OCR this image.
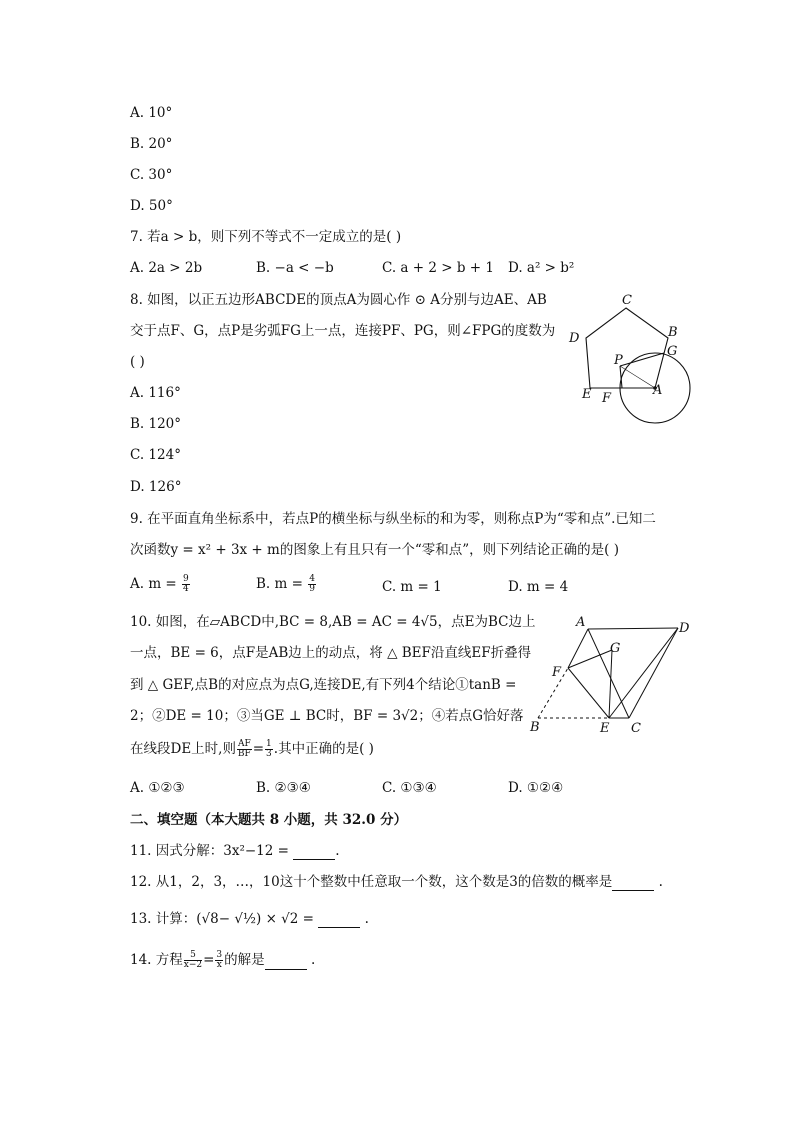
A. 10°
B. 20°
C. 30°
D. 50°
7. 若a > b，则下列不等式不一定成立的是( )
A. 2a > 2b	B. −a < −b	C. a + 2 > b + 1 D. a² > b²
8. 如图，以正五边形ABCDE的顶点A为圆心作 ⊙ A分别与边AE、AB
交于点F、G，点P是劣弧FG上一点，连接PF、PG，则∠FPG的度数为
( )
A. 116°
B. 120°
C. 124°
D. 126°
C
D	B
G
P
E F
A
9. 在平面直角坐标系中，若点P的横坐标与纵坐标的和为零，则称点P为“零和点”.已知二
次函数y = x² + 3x + m的图象上有且只有一个“零和点”，则下列结论正确的是( )
A. $m = \frac{9}{4}$	B. $m = \frac{4}{9}$	C. m = 1	D. m = 4
10. 如图，在▱ABCD中,BC = 8,AB = AC = 4√5，点E为BC边上
一点，BE = 6，点F是AB边上的动点，将 △ BEF沿直线EF折叠得
到 △ GEF,点B的对应点为点G,连接DE,有下列4个结论①tanB =
2；②DE = 10；③当GE ⊥ BC时，BF = 3√2；④若点G恰好落
在线段DE上时,则 $\frac{AF}{BF} = \frac{1}{3}$ .其中正确的是( )
A. ①②③	B. ②③④	C. ①③④	D. ①②④
A	D
G
F
B	E C
二、填空题（本大题共 8 小题，共 32.0 分）
11. 因式分解：3x²−12 =	.
12. 从1，2，3，…，10这十个整数中任意取一个数，这个数是3的倍数的概率是	.
13. 计算：(√8− √½) × √2 =	.
14. 方程 $\frac{5}{x-2} = \frac{3}{x}$ 的解是	.
